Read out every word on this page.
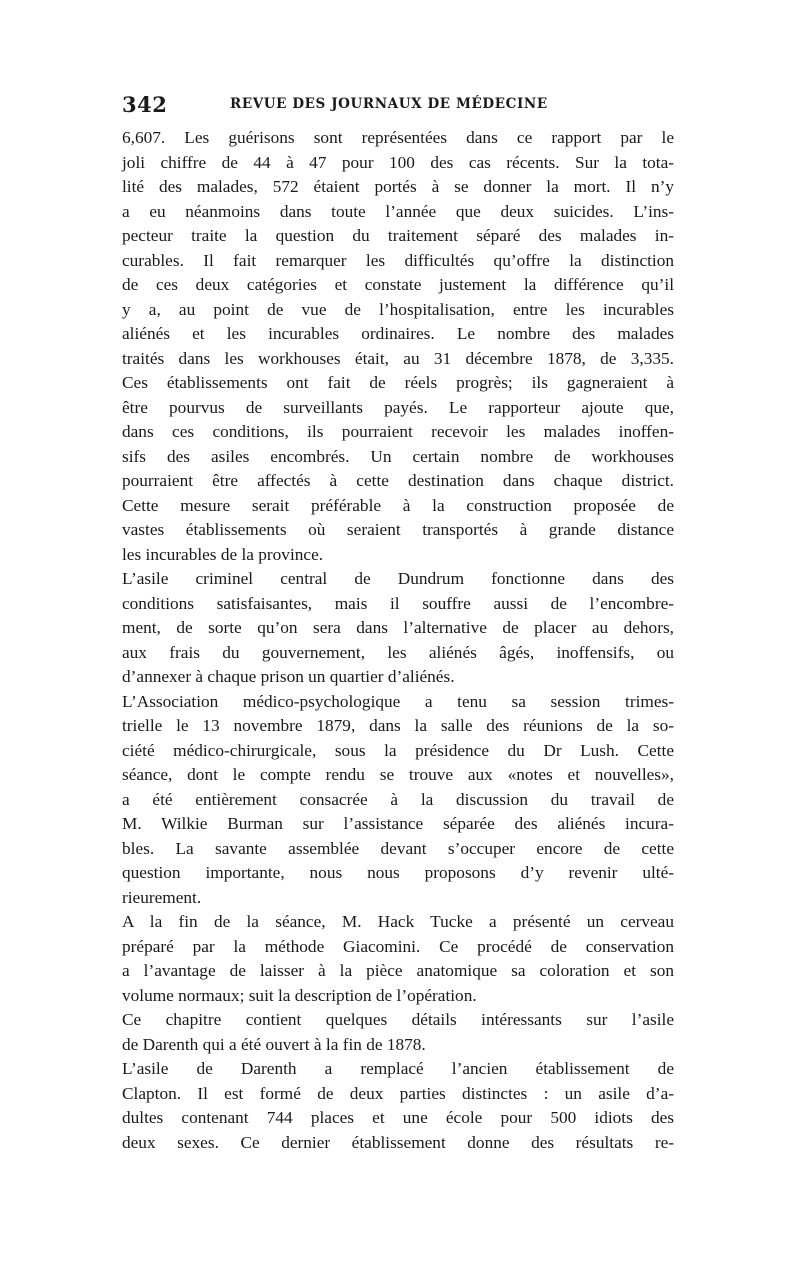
342	REVUE DES JOURNAUX DE MÉDECINE
6,607. Les guérisons sont représentées dans ce rapport par le
joli chiffre de 44 à 47 pour 100 des cas récents. Sur la tota-
lité des malades, 572 étaient portés à se donner la mort. Il n’y
a eu néanmoins dans toute l’année que deux suicides. L’ins-
pecteur traite la question du traitement séparé des malades in-
curables. Il fait remarquer les difficultés qu’offre la distinction
de ces deux catégories et constate justement la différence qu’il
y a, au point de vue de l’hospitalisation, entre les incurables
aliénés et les incurables ordinaires. Le nombre des malades
traités dans les workhouses était, au 31 décembre 1878, de 3,335.
Ces établissements ont fait de réels progrès; ils gagneraient à
être pourvus de surveillants payés. Le rapporteur ajoute que,
dans ces conditions, ils pourraient recevoir les malades inoffen-
sifs des asiles encombrés. Un certain nombre de workhouses
pourraient être affectés à cette destination dans chaque district.
Cette mesure serait préférable à la construction proposée de
vastes établissements où seraient transportés à grande distance
les incurables de la province.
L’asile criminel central de Dundrum fonctionne dans des
conditions satisfaisantes, mais il souffre aussi de l’encombre-
ment, de sorte qu’on sera dans l’alternative de placer au dehors,
aux frais du gouvernement, les aliénés âgés, inoffensifs, ou
d’annexer à chaque prison un quartier d’aliénés.
L’Association médico-psychologique a tenu sa session trimes-
trielle le 13 novembre 1879, dans la salle des réunions de la so-
ciété médico-chirurgicale, sous la présidence du Dr Lush. Cette
séance, dont le compte rendu se trouve aux «notes et nouvelles»,
a été entièrement consacrée à la discussion du travail de
M. Wilkie Burman sur l’assistance séparée des aliénés incura-
bles. La savante assemblée devant s’occuper encore de cette
question importante, nous nous proposons d’y revenir ulté-
rieurement.
A la fin de la séance, M. Hack Tucke a présenté un cerveau
préparé par la méthode Giacomini. Ce procédé de conservation
a l’avantage de laisser à la pièce anatomique sa coloration et son
volume normaux; suit la description de l’opération.
Ce chapitre contient quelques détails intéressants sur l’asile
de Darenth qui a été ouvert à la fin de 1878.
L’asile de Darenth a remplacé l’ancien établissement de
Clapton. Il est formé de deux parties distinctes : un asile d’a-
dultes contenant 744 places et une école pour 500 idiots des
deux sexes. Ce dernier établissement donne des résultats re-
